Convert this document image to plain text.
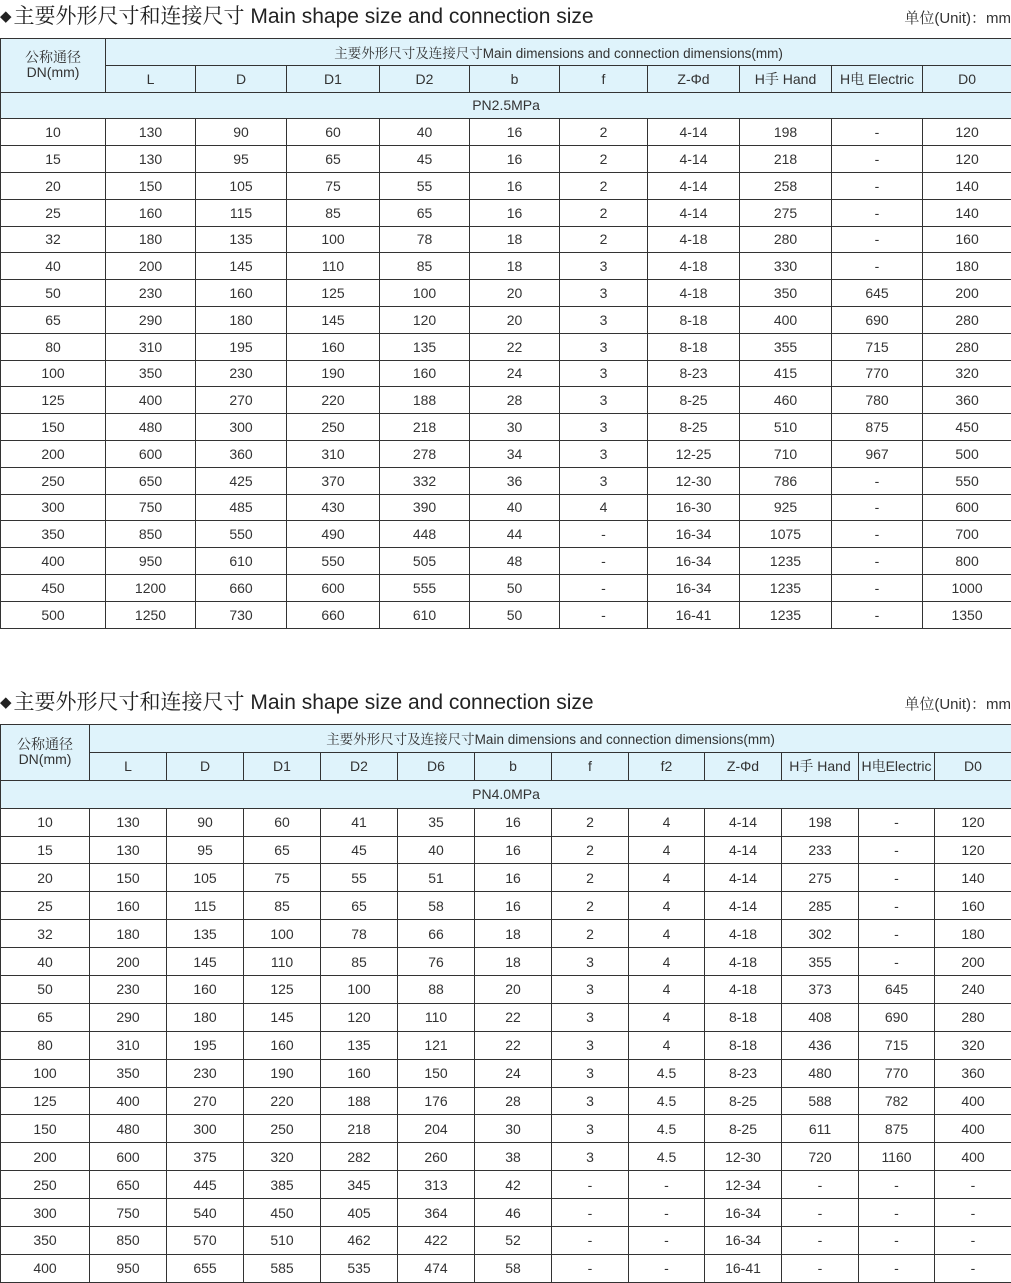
◆主要外形尺寸和连接尺寸 Main shape size and connection size	单位(Unit)：mm
公称通径
DN(mm)	主要外形尺寸及连接尺寸Main dimensions and connection dimensions(mm)									
	L	D	D1	D2	b	f	Z-Φd	H手 Hand	H电 Electric	D0
PN2.5MPa										
10	130	90	60	40	16	2	4-14	198	-	120
15	130	95	65	45	16	2	4-14	218	-	120
20	150	105	75	55	16	2	4-14	258	-	140
25	160	115	85	65	16	2	4-14	275	-	140
32	180	135	100	78	18	2	4-18	280	-	160
40	200	145	110	85	18	3	4-18	330	-	180
50	230	160	125	100	20	3	4-18	350	645	200
65	290	180	145	120	20	3	8-18	400	690	280
80	310	195	160	135	22	3	8-18	355	715	280
100	350	230	190	160	24	3	8-23	415	770	320
125	400	270	220	188	28	3	8-25	460	780	360
150	480	300	250	218	30	3	8-25	510	875	450
200	600	360	310	278	34	3	12-25	710	967	500
250	650	425	370	332	36	3	12-30	786	-	550
300	750	485	430	390	40	4	16-30	925	-	600
350	850	550	490	448	44	-	16-34	1075	-	700
400	950	610	550	505	48	-	16-34	1235	-	800
450	1200	660	600	555	50	-	16-34	1235	-	1000
500	1250	730	660	610	50	-	16-41	1235	-	1350
◆主要外形尺寸和连接尺寸 Main shape size and connection size	单位(Unit)：mm
公称通径
DN(mm)	主要外形尺寸及连接尺寸Main dimensions and connection dimensions(mm)											
	L	D	D1	D2	D6	b	f	f2	Z-Φd	H手 Hand	H电Electric	D0
PN4.0MPa												
10	130	90	60	41	35	16	2	4	4-14	198	-	120
15	130	95	65	45	40	16	2	4	4-14	233	-	120
20	150	105	75	55	51	16	2	4	4-14	275	-	140
25	160	115	85	65	58	16	2	4	4-14	285	-	160
32	180	135	100	78	66	18	2	4	4-18	302	-	180
40	200	145	110	85	76	18	3	4	4-18	355	-	200
50	230	160	125	100	88	20	3	4	4-18	373	645	240
65	290	180	145	120	110	22	3	4	8-18	408	690	280
80	310	195	160	135	121	22	3	4	8-18	436	715	320
100	350	230	190	160	150	24	3	4.5	8-23	480	770	360
125	400	270	220	188	176	28	3	4.5	8-25	588	782	400
150	480	300	250	218	204	30	3	4.5	8-25	611	875	400
200	600	375	320	282	260	38	3	4.5	12-30	720	1160	400
250	650	445	385	345	313	42	-	-	12-34	-	-	-
300	750	540	450	405	364	46	-	-	16-34	-	-	-
350	850	570	510	462	422	52	-	-	16-34	-	-	-
400	950	655	585	535	474	58	-	-	16-41	-	-	-
